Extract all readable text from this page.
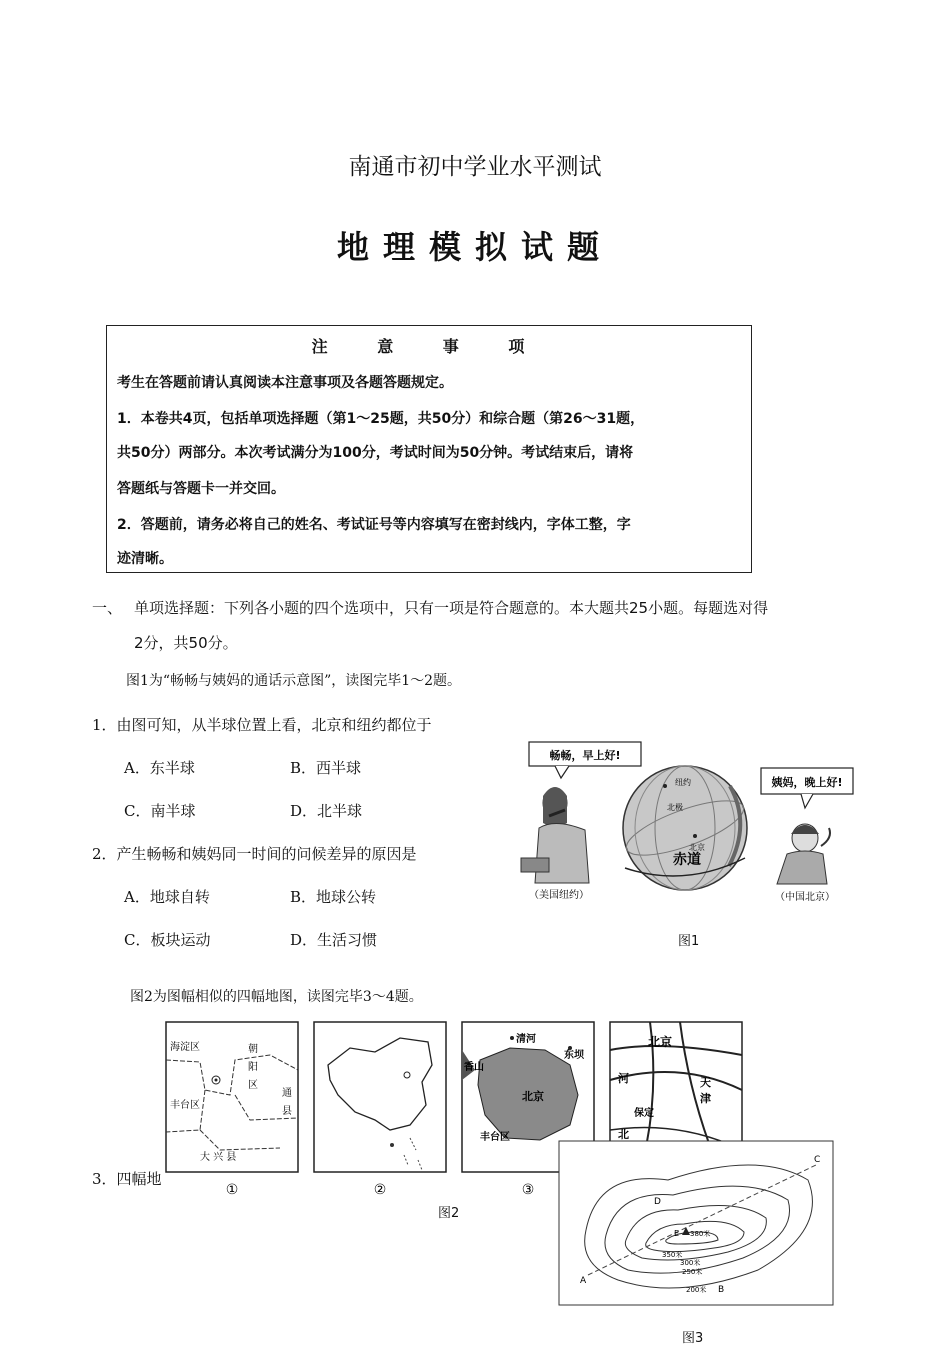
南通市初中学业水平测试
地理模拟试题
注 意 事 项
考生在答题前请认真阅读本注意事项及各题答题规定。
1．本卷共4页，包括单项选择题（第1～25题，共50分）和综合题（第26～31题，
共50分）两部分。本次考试满分为100分，考试时间为50分钟。考试结束后，请将
答题纸与答题卡一并交回。
2．答题前，请务必将自己的姓名、考试证号等内容填写在密封线内，字体工整，字
迹清晰。
一、 单项选择题：下列各小题的四个选项中，只有一项是符合题意的。本大题共25小题。每题选对得
2分，共50分。
图1为“畅畅与姨妈的通话示意图”，读图完毕1～2题。
1．由图可知，从半球位置上看，北京和纽约都位于
A．东半球	B．西半球
C．南半球	D．北半球
2．产生畅畅和姨妈同一时间的问候差异的原因是
A．地球自转	B．地球公转
C．板块运动	D．生活习惯
畅畅，早上好!
（美国纽约）
纽约
北京
北极
赤道
姨妈，晚上好!
（中国北京）
图1
图2为图幅相似的四幅地图，读图完毕3～4题。
海淀区	朝
阳
区
丰台区
通
县
大 兴 县
①	②
清河
东坝
香山
北京
丰台区
③
北京
河	天
津
保定
北
图2
3．四幅地
A
B
C
D
E 380米
350米
300米
250米
200米
图3
